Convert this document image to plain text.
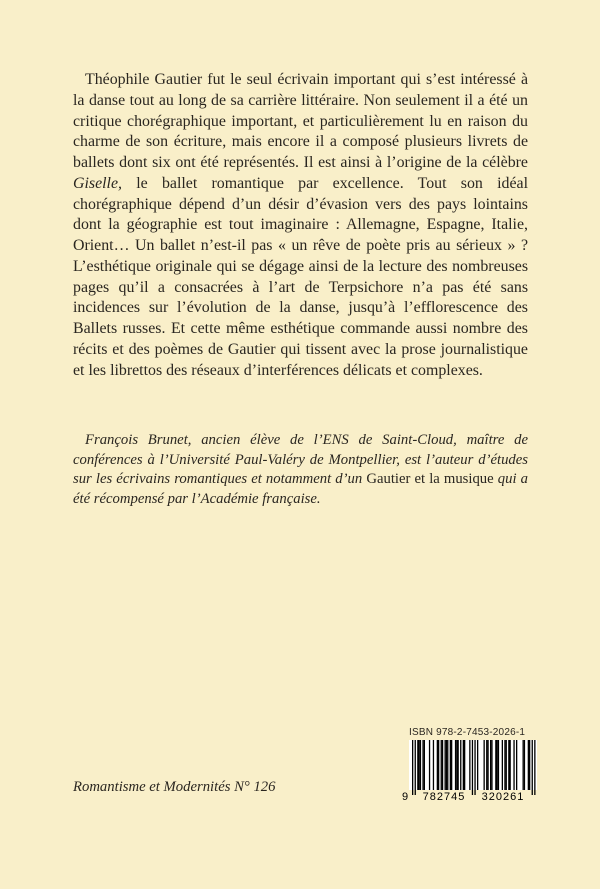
Théophile Gautier fut le seul écrivain important qui s’est intéressé à la danse tout au long de sa carrière littéraire. Non seulement il a été un critique chorégraphique important, et particulièrement lu en raison du charme de son écriture, mais encore il a composé plusieurs livrets de ballets dont six ont été représentés. Il est ainsi à l’origine de la célèbre Giselle, le ballet romantique par excellence. Tout son idéal chorégraphique dépend d’un désir d’évasion vers des pays lointains dont la géographie est tout imaginaire : Allemagne, Espagne, Italie, Orient… Un ballet n’est-il pas « un rêve de poète pris au sérieux » ? L’esthétique originale qui se dégage ainsi de la lecture des nombreuses pages qu’il a consacrées à l’art de Terpsichore n’a pas été sans incidences sur l’évolution de la danse, jusqu’à l’efflorescence des Ballets russes. Et cette même esthétique commande aussi nombre des récits et des poèmes de Gautier qui tissent avec la prose journalistique et les librettos des réseaux d’interférences délicats et complexes.

François Brunet, ancien élève de l’ENS de Saint-Cloud, maître de conférences à l’Université Paul-Valéry de Montpellier, est l’auteur d’études sur les écrivains romantiques et notamment d’un Gautier et la musique qui a été récompensé par l’Académie française.

Romantisme et Modernités N° 126

ISBN 978-2-7453-2026-1
9 782745 320261
